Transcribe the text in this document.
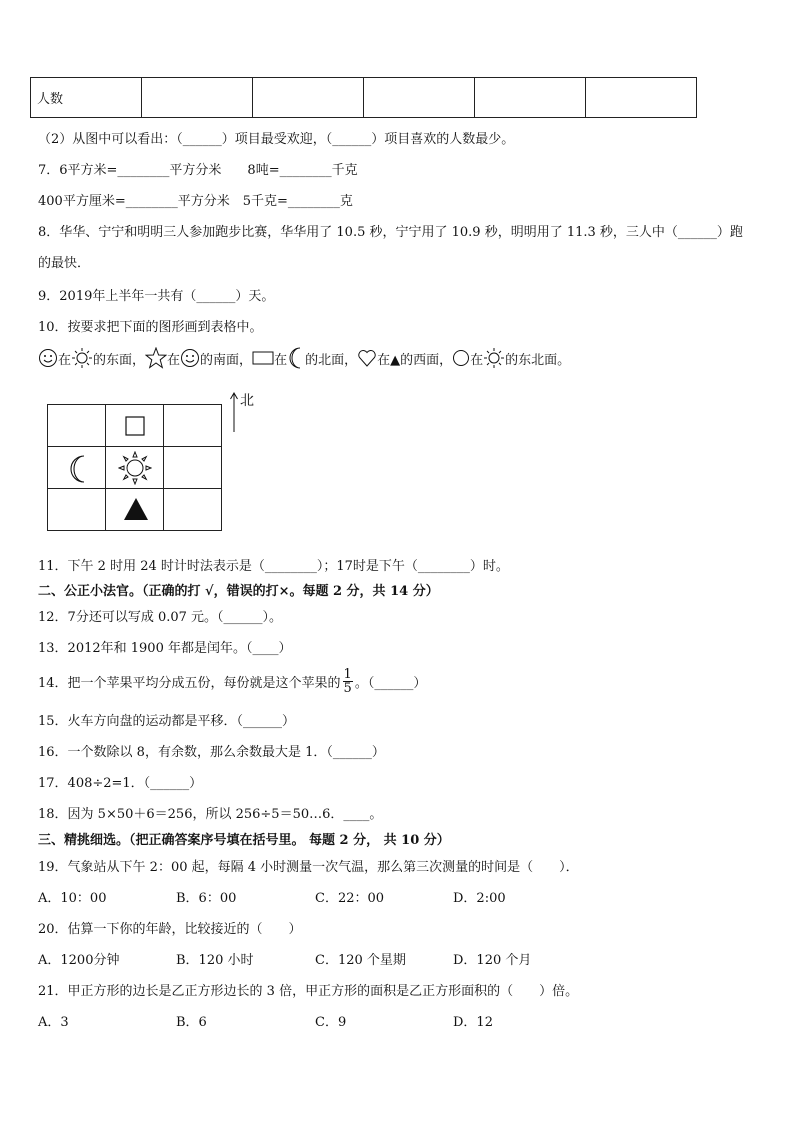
人数					
（2）从图中可以看出：（______）项目最受欢迎，（______）项目喜欢的人数最少。
7．6平方米=________平方分米　　8吨=________千克
400平方厘米=________平方分米　5千克=________克
8．华华、宁宁和明明三人参加跑步比赛，华华用了 10.5 秒，宁宁用了 10.9 秒，明明用了 11.3 秒，三人中（______）跑
的最快．
9．2019年上半年一共有（______）天。
10．按要求把下面的图形画到表格中。
在 的东面， 在 的南面， 在 的北面， 在▲的西面， 在 的东北面。
北
11．下午 2 时用 24 时计时法表示是（________）；17时是下午（________）时。
二、公正小法官。（正确的打 √，错误的打×。每题 2 分，共 14 分）
12．7分还可以写成 0.07 元。（______）。
13．2012年和 1900 年都是闰年。（____）
14．把一个苹果平均分成五份，每份就是这个苹果的 $\frac{1}{5}$ 。（______）
15．火车方向盘的运动都是平移．（______）
16．一个数除以 8，有余数，那么余数最大是 1．（______）
17．408÷2=1．（______）
18．因为 5×50＋6＝256，所以 256÷5＝50…6．____。
三、精挑细选。（把正确答案序号填在括号里。 每题 2 分， 共 10 分）
19．气象站从下午 2：00 起，每隔 4 小时测量一次气温，那么第三次测量的时间是（　　）．
A．10：00	B．6：00	C．22：00	D．2:00
20．估算一下你的年龄，比较接近的（　　）
A．1200分钟	B．120 小时	C．120 个星期	D．120 个月
21．甲正方形的边长是乙正方形边长的 3 倍，甲正方形的面积是乙正方形面积的（　　）倍。
A．3	B．6	C．9	D．12
